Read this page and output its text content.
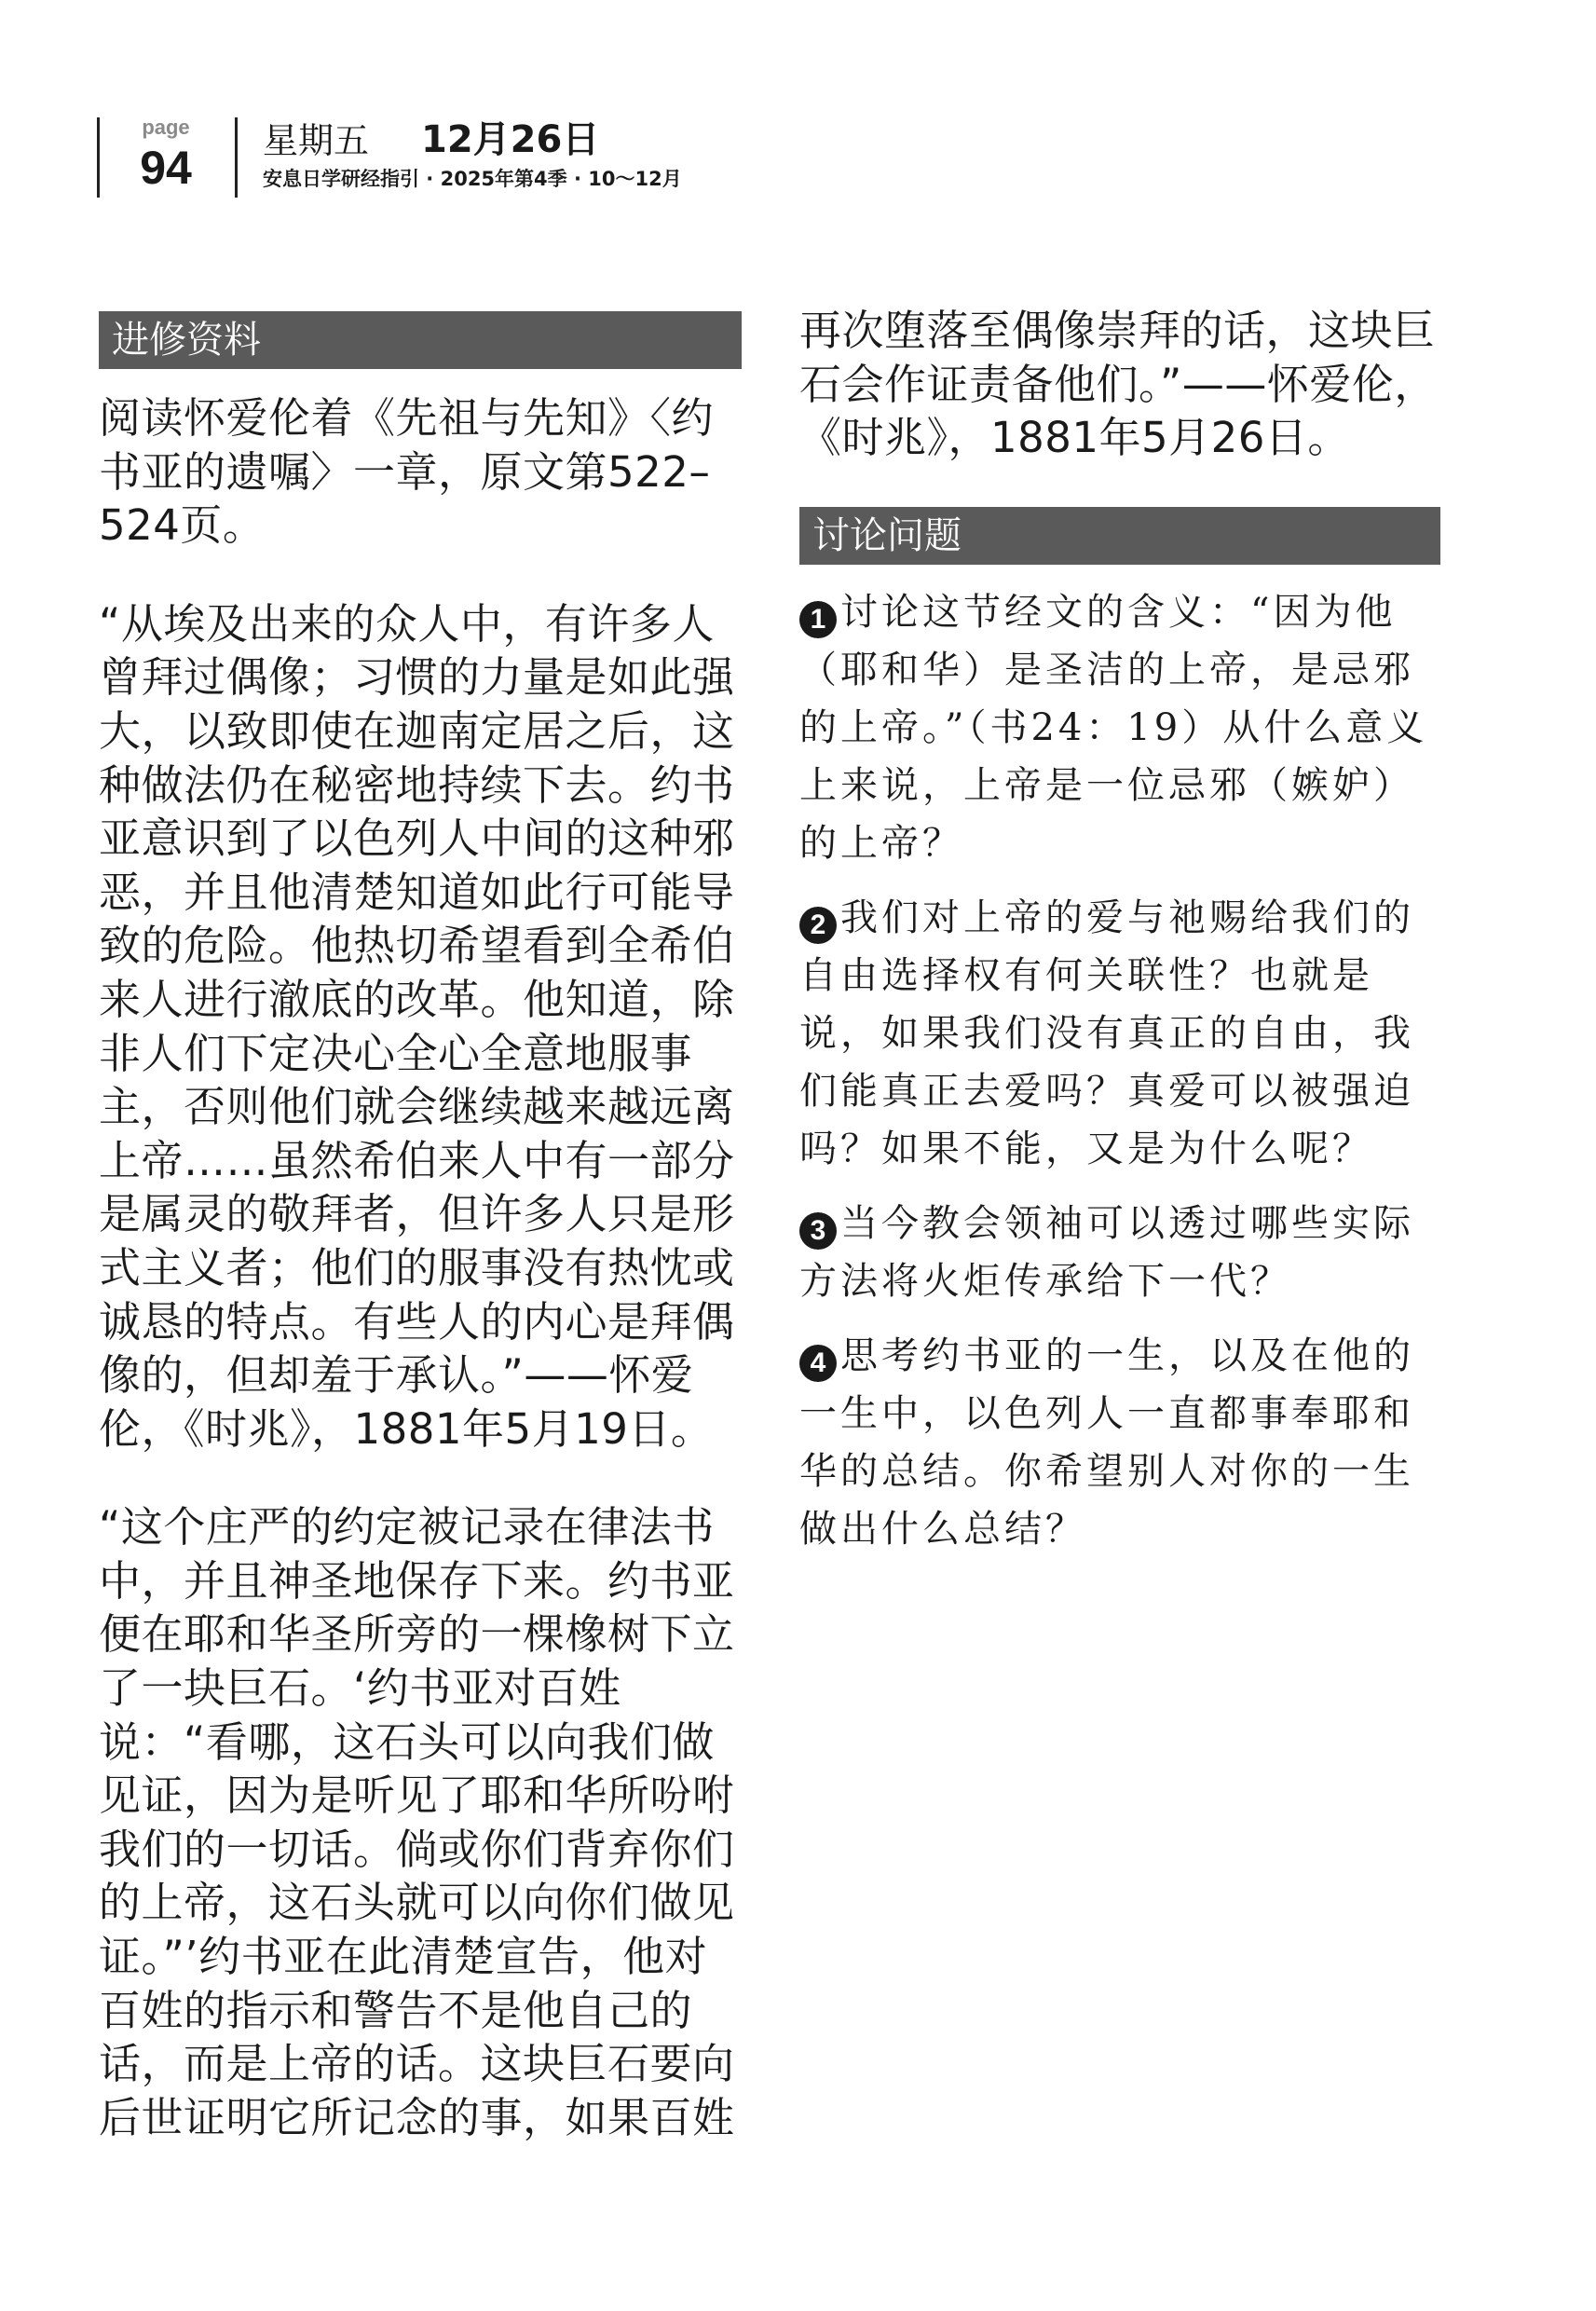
page
94
星期五 12月26日
安息日学研经指引 · 2025年第4季 · 10～12月
进修资料

阅读怀爱伦着《先祖与先知》〈约书亚的遗嘱〉一章，原文第522–524页。

“从埃及出来的众人中，有许多人曾拜过偶像；习惯的力量是如此强大，以致即使在迦南定居之后，这种做法仍在秘密地持续下去。约书亚意识到了以色列人中间的这种邪恶，并且他清楚知道如此行可能导致的危险。他热切希望看到全希伯来人进行澈底的改革。他知道，除非人们下定决心全心全意地服事主，否则他们就会继续越来越远离上帝……虽然希伯来人中有一部分是属灵的敬拜者，但许多人只是形式主义者；他们的服事没有热忱或诚恳的特点。有些人的内心是拜偶像的，但却羞于承认。”——怀爱伦，《时兆》，1881年5月19日。

“这个庄严的约定被记录在律法书中，并且神圣地保存下来。约书亚便在耶和华圣所旁的一棵橡树下立了一块巨石。‘约书亚对百姓说：“看哪，这石头可以向我们做见证，因为是听见了耶和华所吩咐我们的一切话。倘或你们背弃你们的上帝，这石头就可以向你们做见证。”’约书亚在此清楚宣告，他对百姓的指示和警告不是他自己的话，而是上帝的话。这块巨石要向后世证明它所记念的事，如果百姓

再次堕落至偶像崇拜的话，这块巨石会作证责备他们。”——怀爱伦，《时兆》，1881年5月26日。

讨论问题
1 讨论这节经文的含义：“因为他（耶和华）是圣洁的上帝，是忌邪的上帝。”（书24：19）从什么意义上来说，上帝是一位忌邪（嫉妒）的上帝？
2 我们对上帝的爱与祂赐给我们的自由选择权有何关联性？也就是说，如果我们没有真正的自由，我们能真正去爱吗？真爱可以被强迫吗？如果不能，又是为什么呢？
3 当今教会领袖可以透过哪些实际方法将火炬传承给下一代？
4 思考约书亚的一生，以及在他的一生中，以色列人一直都事奉耶和华的总结。你希望别人对你的一生做出什么总结？
